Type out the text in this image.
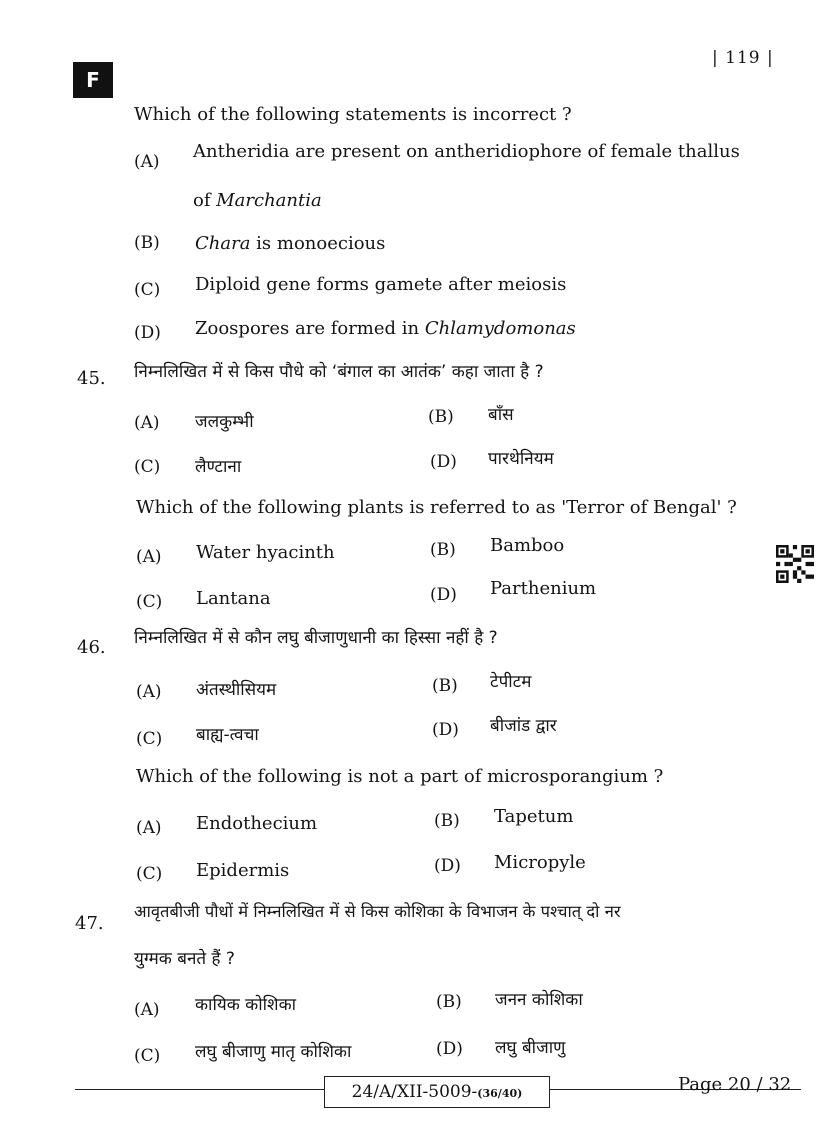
F
| 119 |
Which of the following statements is incorrect ?
(A) Antheridia are present on antheridiophore of female thallus
of Marchantia
(B) Chara is monoecious
(C) Diploid gene forms gamete after meiosis
(D) Zoospores are formed in Chlamydomonas
45. निम्नलिखित में से किस पौधे को ‘बंगाल का आतंक’ कहा जाता है ?
(A) जलकुम्भी	(B) बाँस
(C) लैण्टाना	(D) पारथेनियम
Which of the following plants is referred to as 'Terror of Bengal' ?
(A) Water hyacinth	(B) Bamboo
(C) Lantana	(D) Parthenium
46. निम्नलिखित में से कौन लघु बीजाणुधानी का हिस्सा नहीं है ?
(A) अंतस्थीसियम	(B) टेपीटम
(C) बाह्य-त्वचा	(D) बीजांड द्वार
Which of the following is not a part of microsporangium ?
(A) Endothecium	(B) Tapetum
(C) Epidermis	(D) Micropyle
47.
आवृतबीजी पौधों में निम्नलिखित में से किस कोशिका के विभाजन के पश्चात् दो नर
युग्मक बनते हैं ?
(A) कायिक कोशिका	(B) जनन कोशिका
(C) लघु बीजाणु मातृ कोशिका	(D) लघु बीजाणु
24/A/XII-5009-(36/40)	Page 20 / 32
